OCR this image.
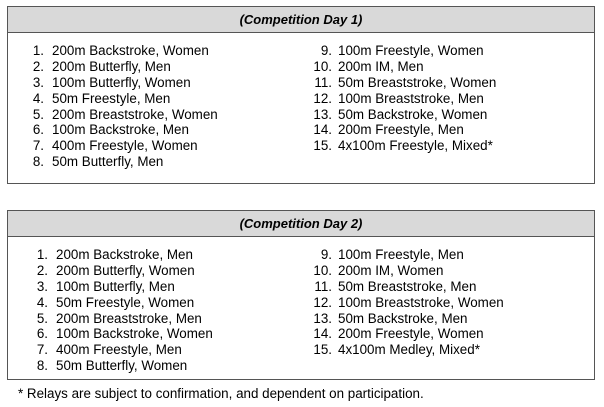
(Competition Day 1)
1. 200m Backstroke, Women
2. 200m Butterfly, Men
3. 100m Butterfly, Women
4. 50m Freestyle, Men
5. 200m Breaststroke, Women
6. 100m Backstroke, Men
7. 400m Freestyle, Women
8. 50m Butterfly, Men
9. 100m Freestyle, Women
10. 200m IM, Men
11. 50m Breaststroke, Women
12. 100m Breaststroke, Men
13. 50m Backstroke, Women
14. 200m Freestyle, Men
15. 4x100m Freestyle, Mixed*
(Competition Day 2)
1. 200m Backstroke, Men
2. 200m Butterfly, Women
3. 100m Butterfly, Men
4. 50m Freestyle, Women
5. 200m Breaststroke, Men
6. 100m Backstroke, Women
7. 400m Freestyle, Men
8. 50m Butterfly, Women
9. 100m Freestyle, Men
10. 200m IM, Women
11. 50m Breaststroke, Men
12. 100m Breaststroke, Women
13. 50m Backstroke, Men
14. 200m Freestyle, Women
15. 4x100m Medley, Mixed*
* Relays are subject to confirmation, and dependent on participation.
